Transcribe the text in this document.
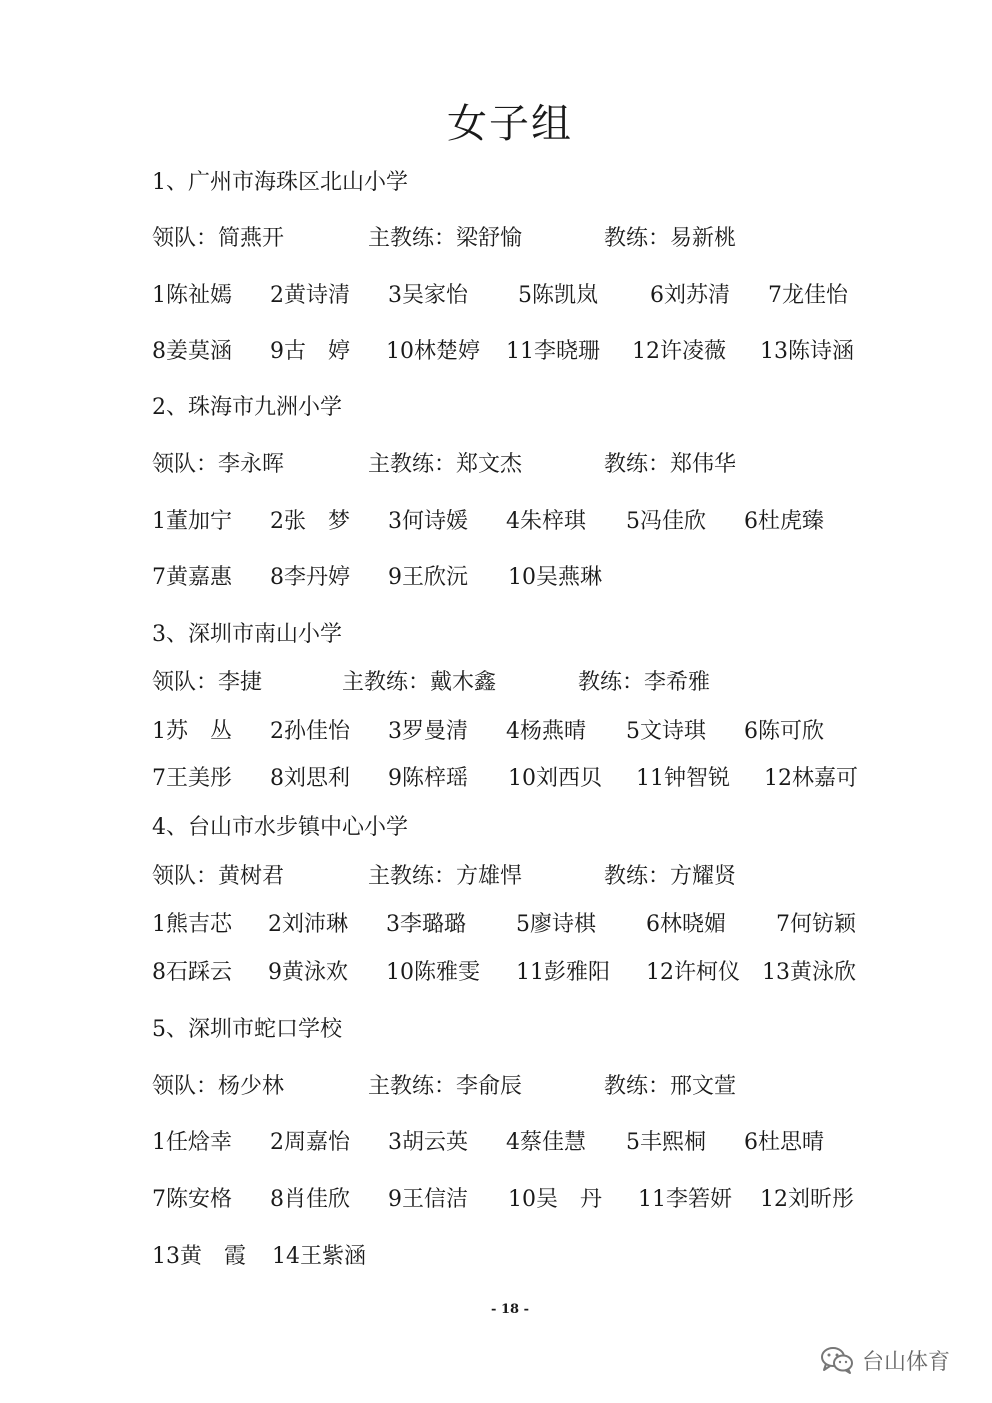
女子组
1、广州市海珠区北山小学
领队：简燕开	主教练：梁舒愉	教练：易新桃
1陈祉嫣 2黄诗清 3吴家怡 5陈凯岚 6刘苏清 7龙佳怡
8姜莫涵 9古　婷 10林楚婷 11李晓珊 12许凌薇 13陈诗涵
2、珠海市九洲小学
领队：李永晖	主教练：郑文杰	教练：郑伟华
1董加宁 2张　梦 3何诗媛 4朱梓琪 5冯佳欣 6杜虎臻
7黄嘉惠 8李丹婷 9王欣沅 10吴燕琳
3、深圳市南山小学
领队：李捷	主教练：戴木鑫	教练：李希雅
1苏　丛 2孙佳怡 3罗曼清 4杨燕晴 5文诗琪 6陈可欣
7王美彤 8刘思利 9陈梓瑶 10刘西贝 11钟智锐 12林嘉可
4、台山市水步镇中心小学
领队：黄树君	主教练：方雄悍	教练：方耀贤
1熊吉芯 2刘沛琳 3李璐璐 5廖诗棋 6林晓媚 7何钫颖
8石踩云 9黄泳欢 10陈雅雯 11彭雅阳 12许柯仪 13黄泳欣
5、深圳市蛇口学校
领队：杨少林	主教练：李俞辰	教练：邢文萱
1任焓幸 2周嘉怡 3胡云英 4蔡佳慧 5丰熙桐 6杜思晴
7陈安格 8肖佳欣 9王信洁 10吴　丹 11李箬妍 12刘昕彤
13黄　霞 14王紫涵
- 18 -
台山体育
